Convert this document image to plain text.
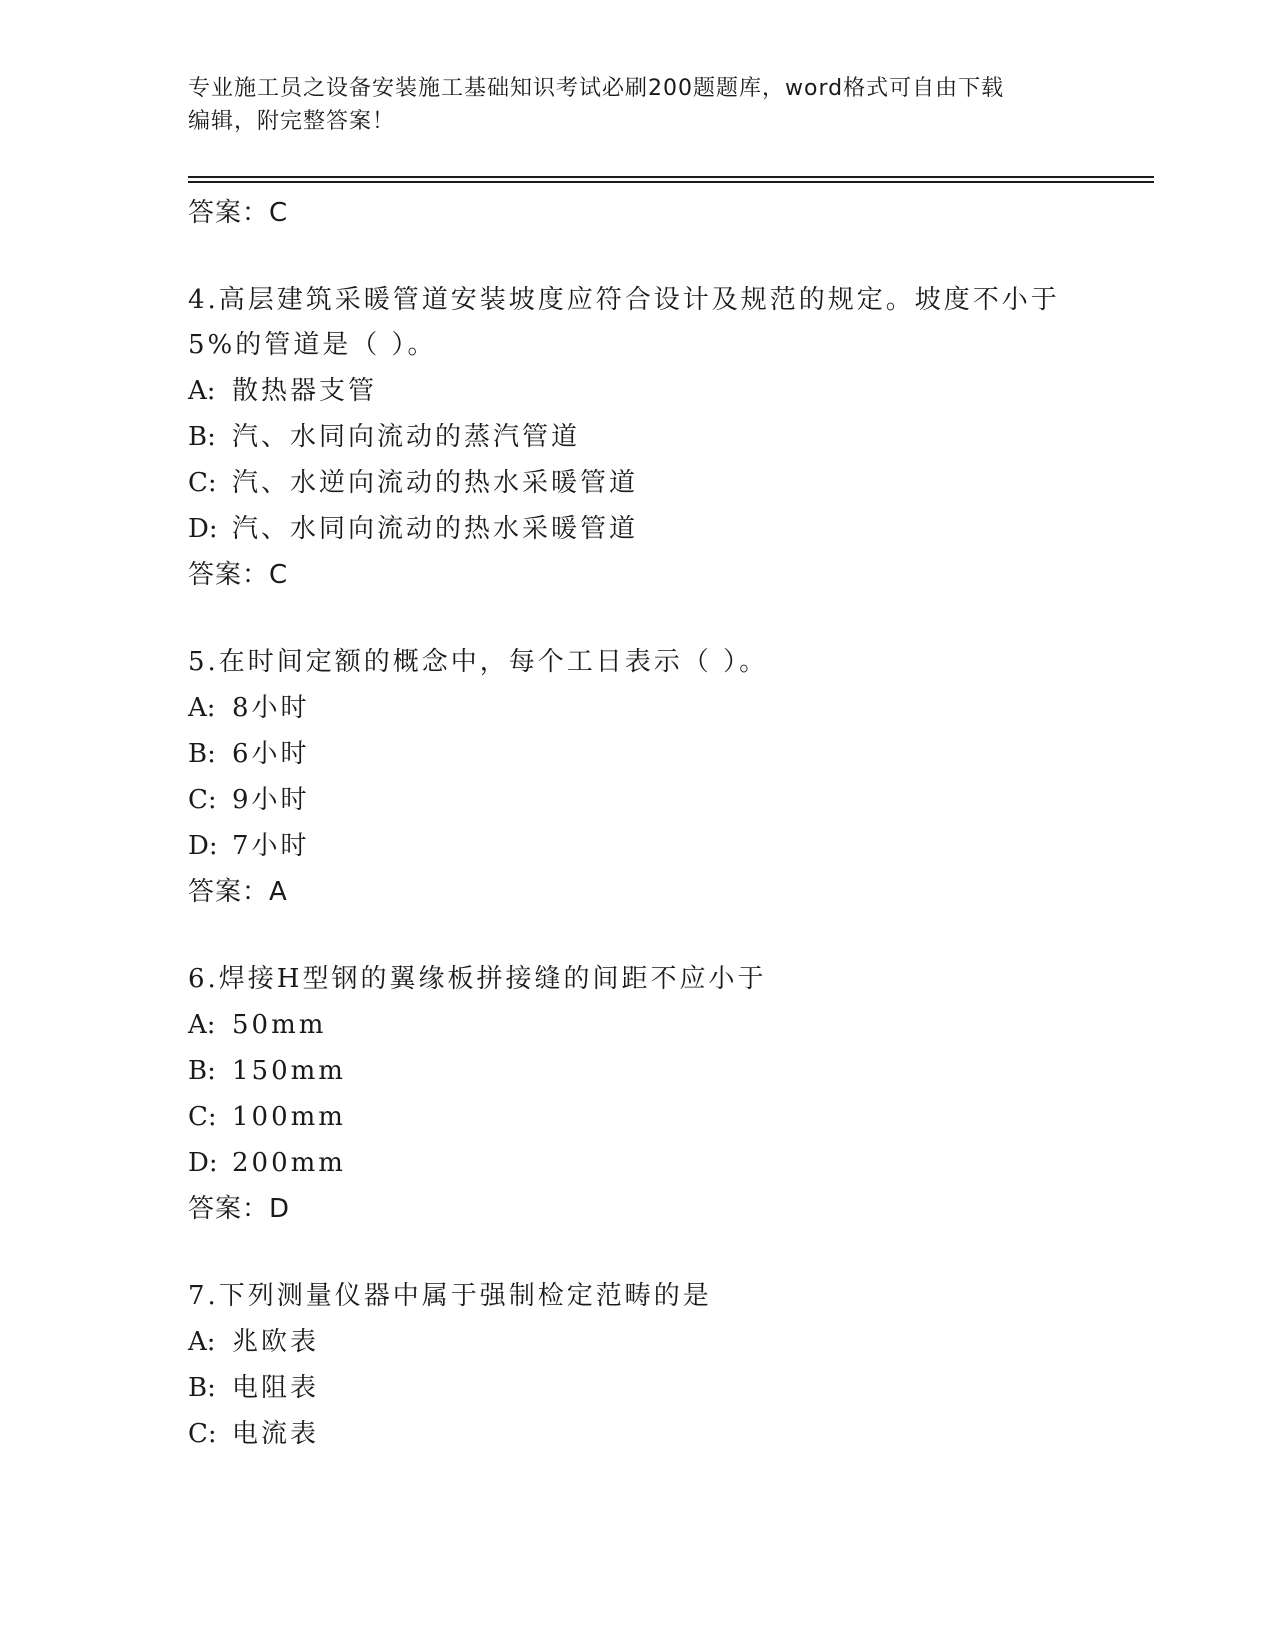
专业施工员之设备安装施工基础知识考试必刷200题题库，word格式可自由下载
编辑，附完整答案！
答案：C
4.高层建筑采暖管道安装坡度应符合设计及规范的规定。坡度不小于
5%的管道是（ ）。
A: 散热器支管
B: 汽、水同向流动的蒸汽管道
C: 汽、水逆向流动的热水采暖管道
D: 汽、水同向流动的热水采暖管道
答案：C
5.在时间定额的概念中，每个工日表示（ ）。
A: 8小时
B: 6小时
C: 9小时
D: 7小时
答案：A
6.焊接H型钢的翼缘板拼接缝的间距不应小于
A: 50mm
B: 150mm
C: 100mm
D: 200mm
答案：D
7.下列测量仪器中属于强制检定范畴的是
A: 兆欧表
B: 电阻表
C: 电流表
